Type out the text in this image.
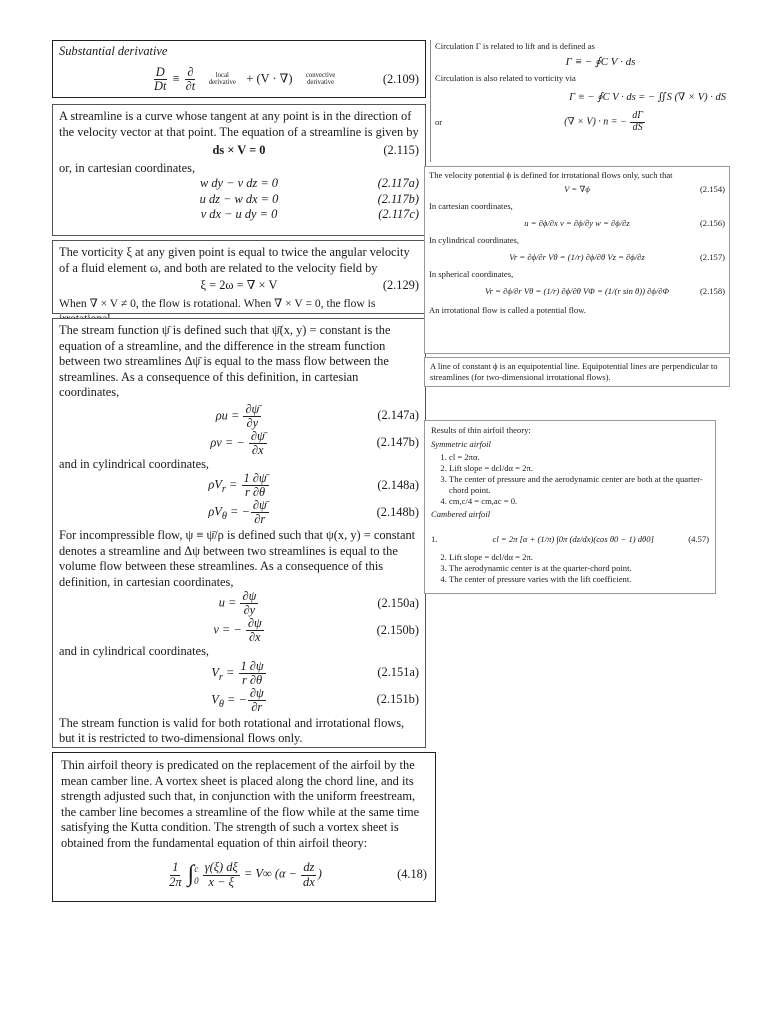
Substantial derivative
$\frac{D}{Dt} \equiv \frac{\partial}{\partial t}$	local derivative + (V · ∇) convective derivative	(2.109)

A streamline is a curve whose tangent at any point is in the direction of the velocity vector at that point. The equation of a streamline is given by

ds × V = 0	(2.115)

or, in cartesian coordinates,

w dy − v dz = 0	(2.117a)
u dz − w dx = 0	(2.117b)
v dx − u dy = 0	(2.117c)

The vorticity ξ at any given point is equal to twice the angular velocity of a fluid element ω, and both are related to the velocity field by

ξ = 2ω = ∇ × V	(2.129)

When ∇ × V ≠ 0, the flow is rotational. When ∇ × V = 0, the flow is

The stream function ψ̄ is defined such that ψ̄(x, y) = constant is the equation of a streamline, and the difference in the stream function between two streamlines Δψ̄ is equal to the mass flow between the streamlines. As a consequence of this definition, in cartesian coordinates,

$\rho u = \frac{\partial\psī}{\partial y}$	(2.147a)
ρv = − $\frac{\partial\psī}{\partial x}$	(2.147b)

and in cylindrical coordinates,

$\rho V_r = \frac{1 \partial\psī}{r \partial\theta}$	(2.148a)
$\rho V_\theta$ = − $\frac{\partial\psī}{\partial r}$	(2.148b)

For incompressible flow, ψ ≡ ψ̄/ρ is defined such that ψ(x, y) = constant denotes a streamline and Δψ between two streamlines is equal to the volume flow between these streamlines. As a consequence of this definition, in cartesian coordinates,

$u = \frac{\partial\psi}{\partial y}$	(2.150a)
v = − $\frac{\partial\psi}{\partial x}$	(2.150b)

and in cylindrical coordinates,

$V_r = \frac{1 \partial\psi}{r \partial\theta}$	(2.151a)
$V_\theta$ = − $\frac{\partial\psi}{\partial r}$	(2.151b)

The stream function is valid for both rotational and irrotational flows, but it is restricted to two-dimensional flows only.

Thin airfoil theory is predicated on the replacement of the airfoil by the mean camber line. A vortex sheet is placed along the chord line, and its strength adjusted such that, in conjunction with the uniform freestream, the camber line becomes a streamline of the flow while at the same time satisfying the Kutta condition. The strength of such a vortex sheet is obtained from the fundamental equation of thin airfoil theory:

$\frac{1}{2\pi}$ ∫ c
0
$\frac{\gamma(\xi) d\xi}{x - \xi} = V\infty$ ($\alpha - \frac{dz}{dx}$ )	(4.18)
Circulation Γ is related to lift and is defined as
Γ ≡ − ∮C V · ds
Circulation is also related to vorticity via
Γ ≡ − ∮C V · ds = − ∬S (∇ × V) · dS
or	(∇ × V) · n = − $\frac{d\Gamma}{dS}$
The velocity potential ϕ is defined for irrotational flows only, such that
V = ∇ϕ	(2.154)
In cartesian coordinates,
u = ∂ϕ/∂x v = ∂ϕ/∂y w = ∂ϕ/∂z	(2.156)
In cylindrical coordinates,
Vr = ∂ϕ/∂r Vθ = (1/r) ∂ϕ/∂θ Vz = ∂ϕ/∂z	(2.157)
In spherical coordinates,
Vr = ∂ϕ/∂r Vθ = (1/r) ∂ϕ/∂θ VΦ = (1/(r sin θ)) ∂ϕ/∂Φ	(2.158)
An irrotational flow is called a potential flow.
A line of constant ϕ is an equipotential line. Equipotential lines are perpendicular to streamlines (for two-dimensional irrotational flows).
Results of thin airfoil theory:
Symmetric airfoil
1. cl = 2πα.
2. Lift slope = dcl/dα = 2π.
3. The center of pressure and the aerodynamic center are both at the quarter-chord point.
4. cm,c/4 = cm,ac = 0.
Cambered airfoil
1.	cl = 2π [α + (1/π) ∫0π (dz/dx)(cos θ0 − 1) dθ0]	(4.57)
2. Lift slope = dcl/dα = 2π.
3. The aerodynamic center is at the quarter-chord point.
4. The center of pressure varies with the lift coefficient.
